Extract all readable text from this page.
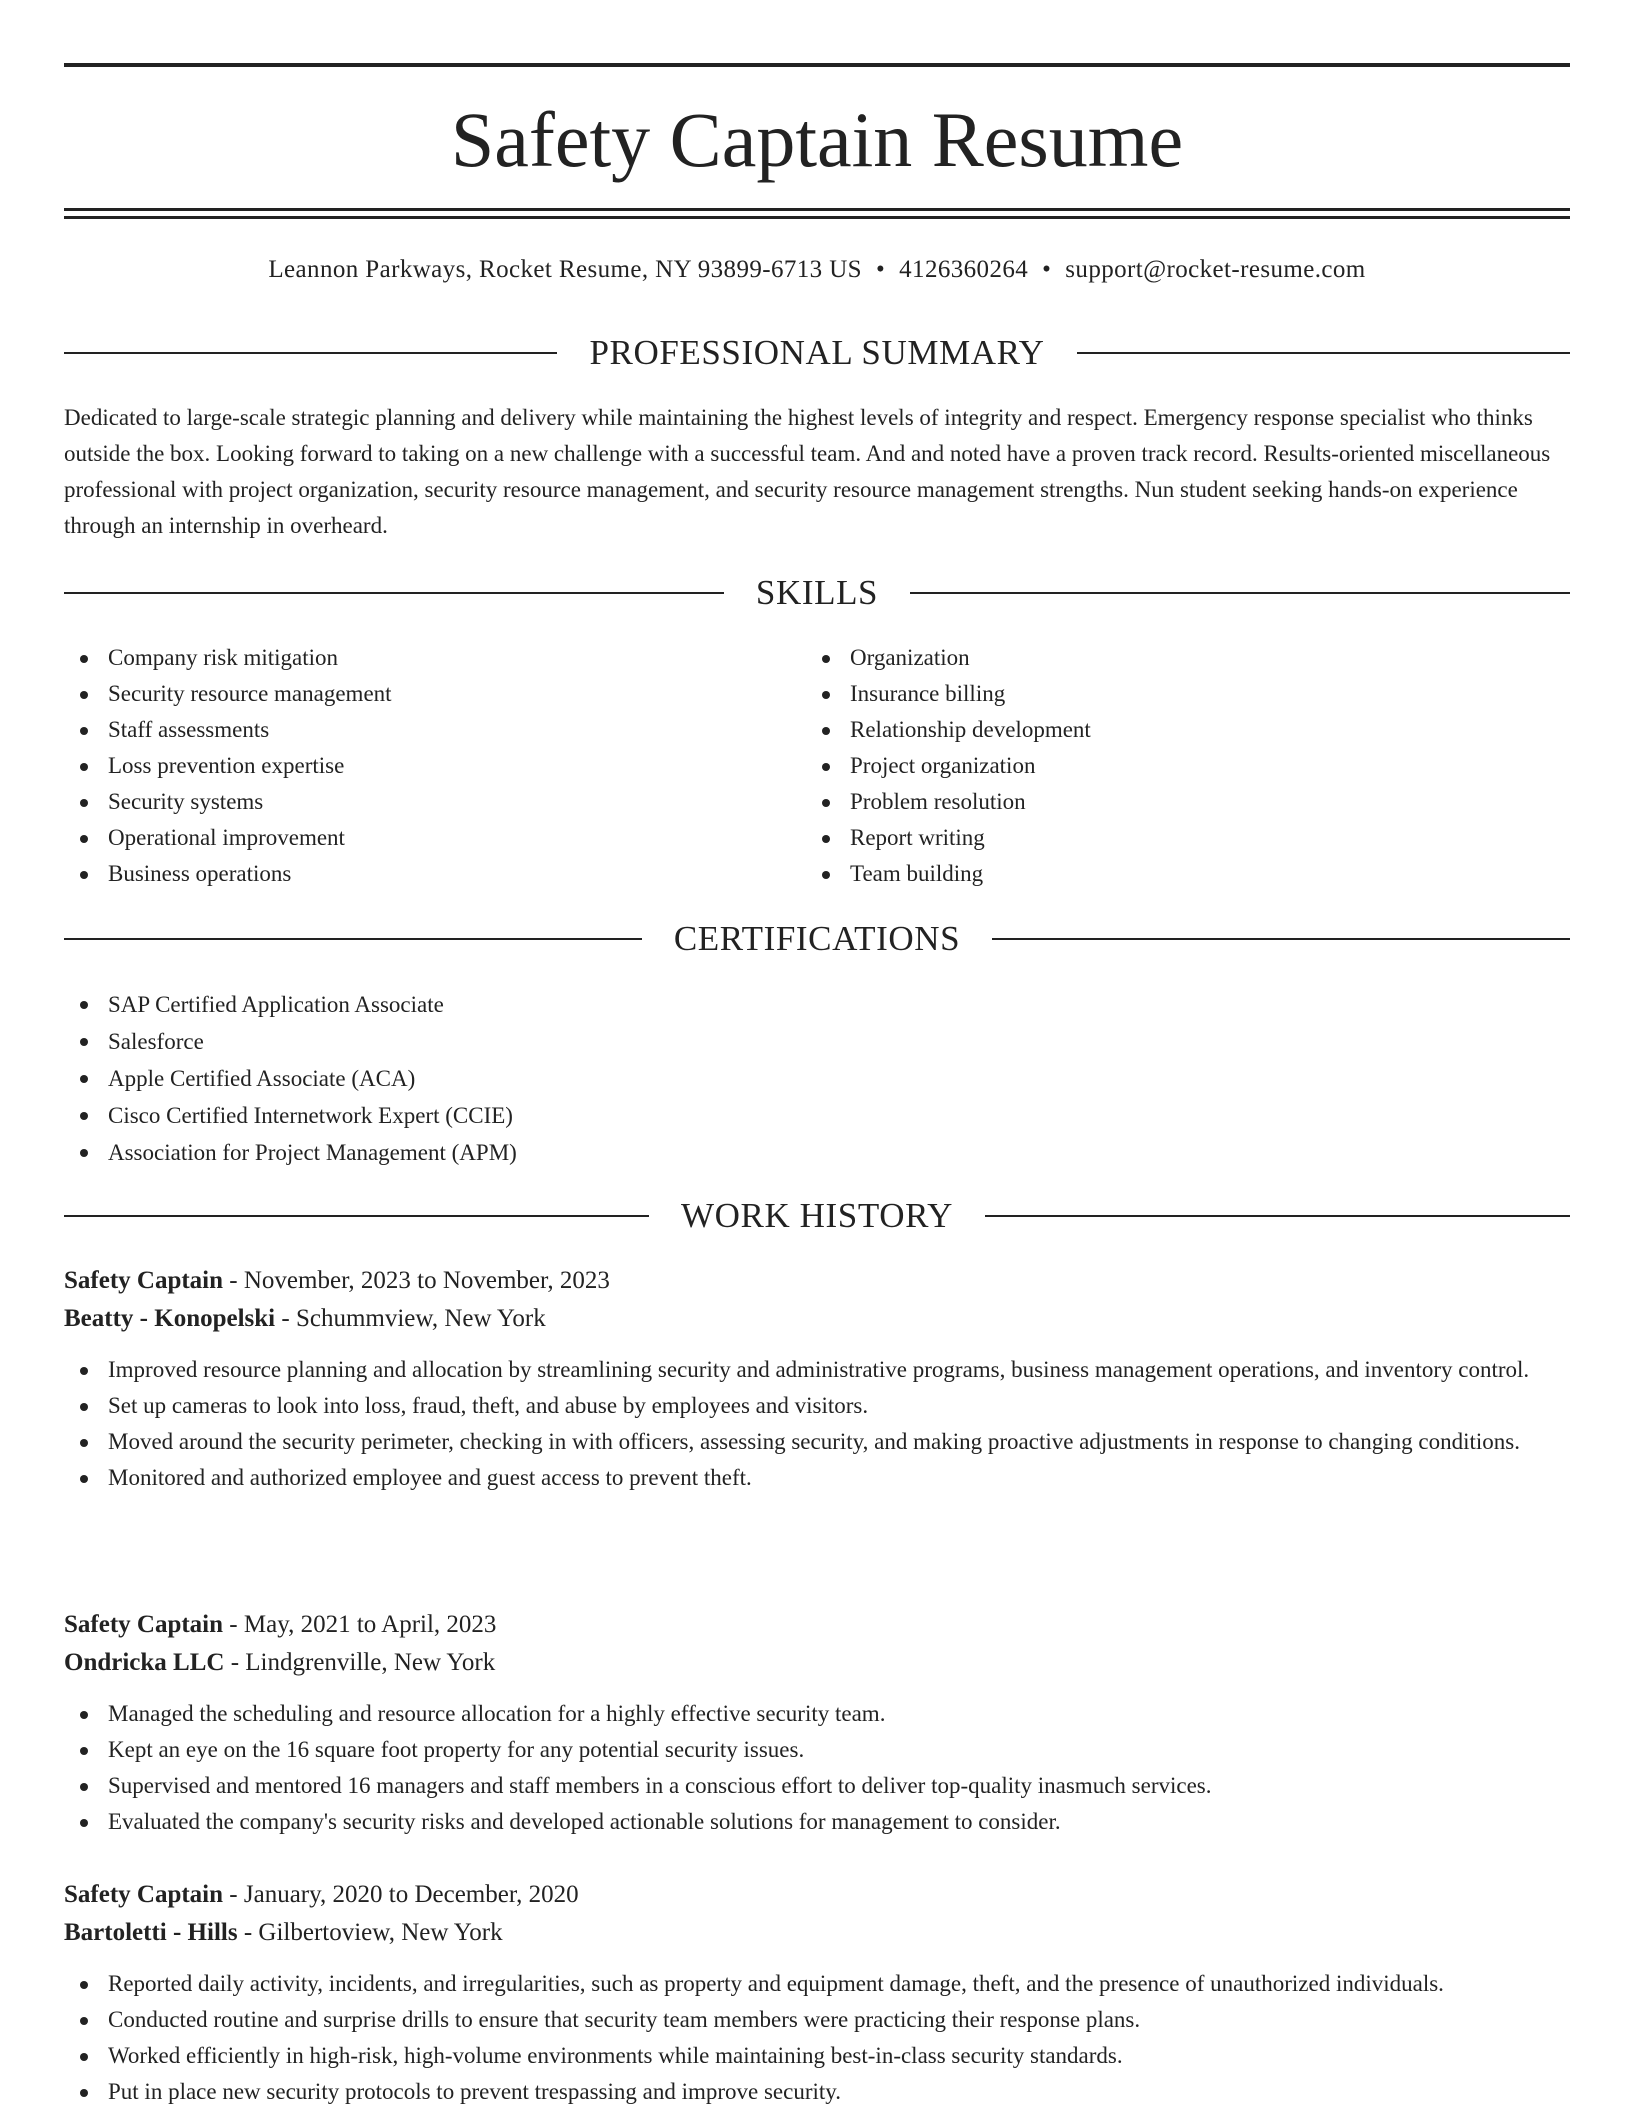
Safety Captain Resume
Leannon Parkways, Rocket Resume, NY 93899-6713 US • 4126360264 • support@rocket-resume.com
PROFESSIONAL SUMMARY

Dedicated to large-scale strategic planning and delivery while maintaining the highest levels of integrity and respect. Emergency response specialist who thinks outside the box. Looking forward to taking on a new challenge with a successful team. And and noted have a proven track record. Results-oriented miscellaneous professional with project organization, security resource management, and security resource management strengths. Nun student seeking hands-on experience through an internship in overheard.

SKILLS
Company risk mitigation
Security resource management
Staff assessments
Loss prevention expertise
Security systems
Operational improvement
Business operations
Organization
Insurance billing
Relationship development
Project organization
Problem resolution
Report writing
Team building
CERTIFICATIONS
SAP Certified Application Associate
Salesforce
Apple Certified Associate (ACA)
Cisco Certified Internetwork Expert (CCIE)
Association for Project Management (APM)
WORK HISTORY
Safety Captain - November, 2023 to November, 2023
Beatty - Konopelski - Schummview, New York
Improved resource planning and allocation by streamlining security and administrative programs, business management operations, and inventory control.
Set up cameras to look into loss, fraud, theft, and abuse by employees and visitors.
Moved around the security perimeter, checking in with officers, assessing security, and making proactive adjustments in response to changing conditions.
Monitored and authorized employee and guest access to prevent theft.
Safety Captain - May, 2021 to April, 2023
Ondricka LLC - Lindgrenville, New York
Managed the scheduling and resource allocation for a highly effective security team.
Kept an eye on the 16 square foot property for any potential security issues.
Supervised and mentored 16 managers and staff members in a conscious effort to deliver top-quality inasmuch services.
Evaluated the company's security risks and developed actionable solutions for management to consider.
Safety Captain - January, 2020 to December, 2020
Bartoletti - Hills - Gilbertoview, New York
Reported daily activity, incidents, and irregularities, such as property and equipment damage, theft, and the presence of unauthorized individuals.
Conducted routine and surprise drills to ensure that security team members were practicing their response plans.
Worked efficiently in high-risk, high-volume environments while maintaining best-in-class security standards.
Put in place new security protocols to prevent trespassing and improve security.
